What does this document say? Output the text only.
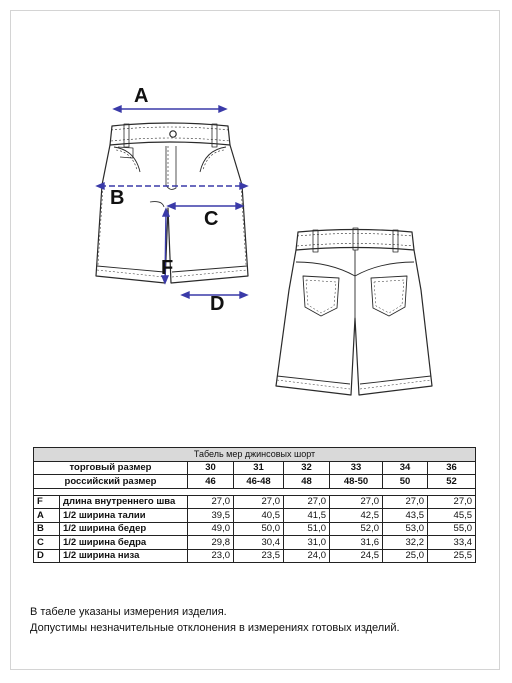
A
B
C
F
D
Табель мер джинсовых шорт							
торговый размер		30	31	32	33	34	36
российский размер		46	46-48	48	48-50	50	52

F	длина внутреннего шва	27,0	27,0	27,0	27,0	27,0	27,0
A	1/2 ширина талии	39,5	40,5	41,5	42,5	43,5	45,5
B	1/2 ширина бедер	49,0	50,0	51,0	52,0	53,0	55,0
C	1/2 ширина бедра	29,8	30,4	31,0	31,6	32,2	33,4
D	1/2 ширина низа	23,0	23,5	24,0	24,5	25,0	25,5
В табеле указаны измерения изделия.
Допустимы незначительные отклонения в измерениях готовых изделий.
